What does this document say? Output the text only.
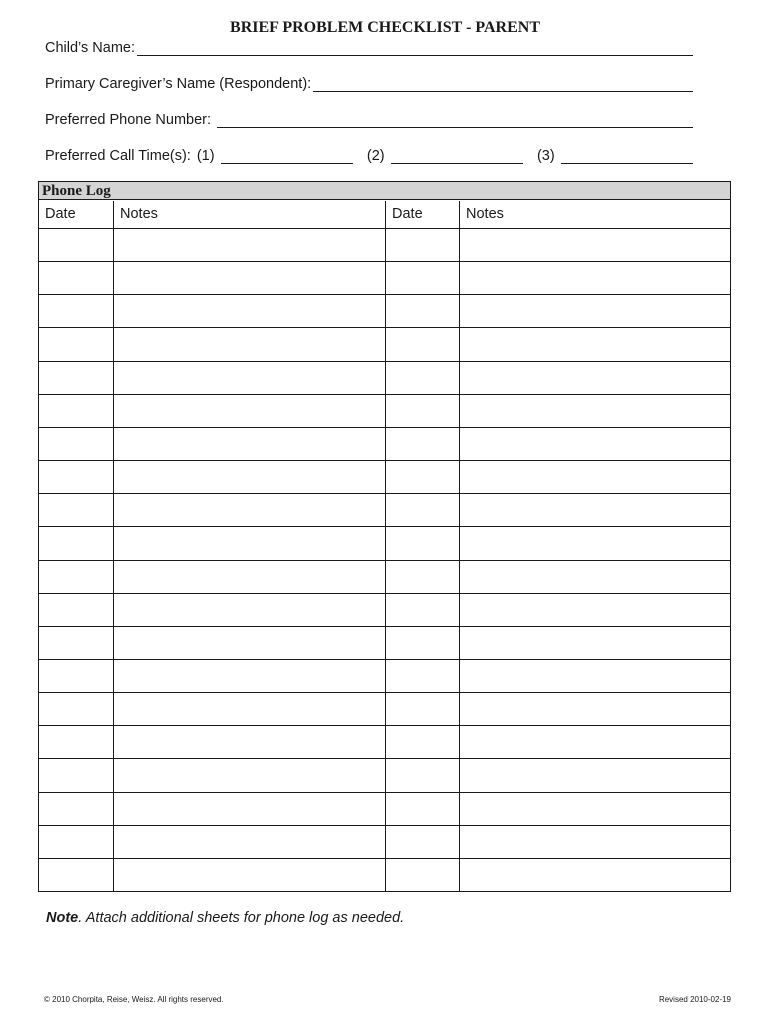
BRIEF PROBLEM CHECKLIST - PARENT
Child’s Name:
Primary Caregiver’s Name (Respondent):
Preferred Phone Number:
Preferred Call Time(s): (1)	(2)	(3)
Phone Log
Date	Notes	Date	Notes
Note. Attach additional sheets for phone log as needed.
© 2010 Chorpita, Reise, Weisz. All rights reserved.	Revised 2010-02-19
